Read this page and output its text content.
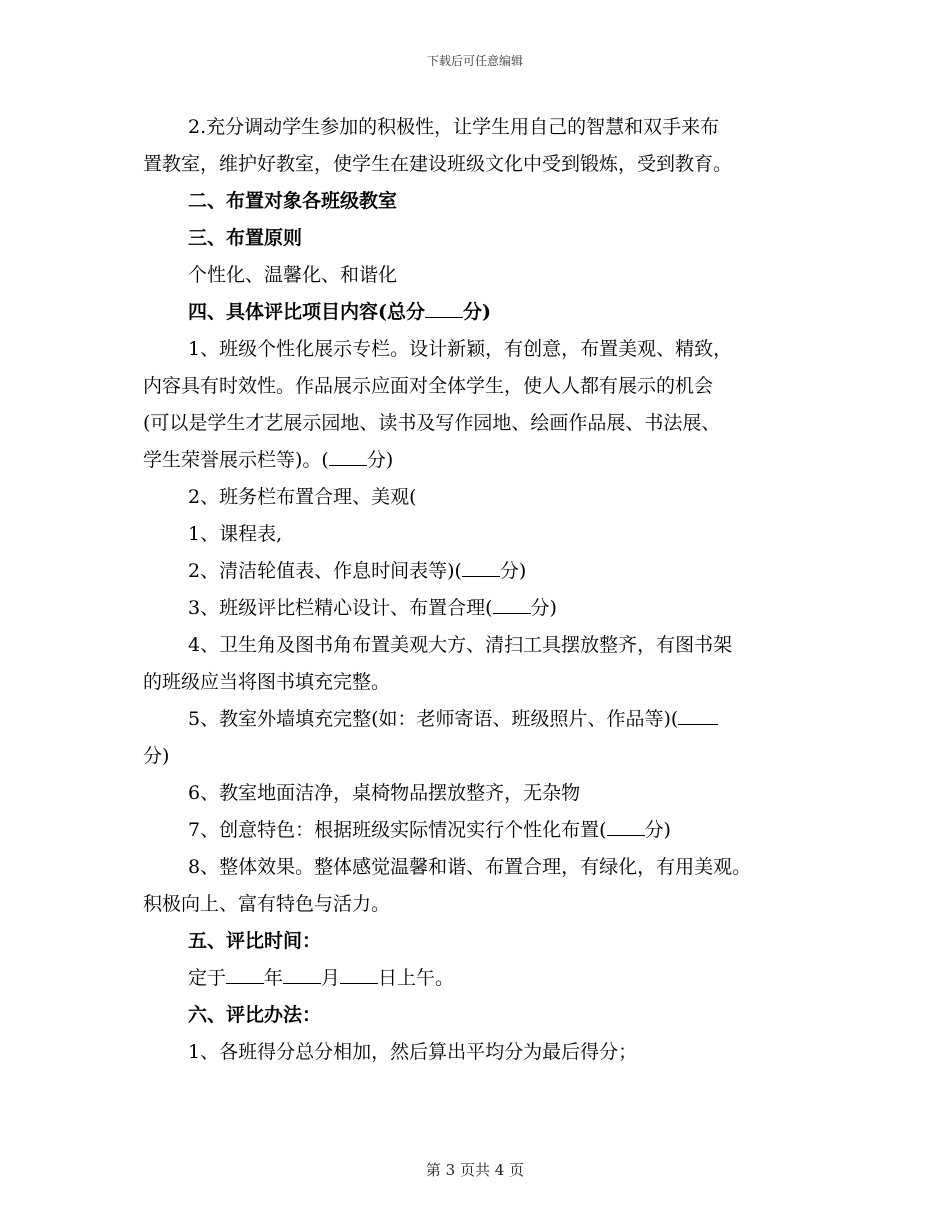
下载后可任意编辑
2.充分调动学生参加的积极性，让学生用自己的智慧和双手来布
置教室，维护好教室，使学生在建设班级文化中受到锻炼，受到教育。
二、布置对象各班级教室
三、布置原则
个性化、温馨化、和谐化
四、具体评比项目内容(总分 分)
1、班级个性化展示专栏。设计新颖，有创意，布置美观、精致，
内容具有时效性。作品展示应面对全体学生，使人人都有展示的机会
(可以是学生才艺展示园地、读书及写作园地、绘画作品展、书法展、
学生荣誉展示栏等)。( 分)
2、班务栏布置合理、美观(
1、课程表,
2、清洁轮值表、作息时间表等)( 分)
3、班级评比栏精心设计、布置合理( 分)
4、卫生角及图书角布置美观大方、清扫工具摆放整齐，有图书架
的班级应当将图书填充完整。
5、教室外墙填充完整(如：老师寄语、班级照片、作品等)(
分)
6、教室地面洁净，桌椅物品摆放整齐，无杂物
7、创意特色：根据班级实际情况实行个性化布置( 分)
8、整体效果。整体感觉温馨和谐、布置合理，有绿化，有用美观。
积极向上、富有特色与活力。
五、评比时间：
定于 年 月 日上午。
六、评比办法：
1、各班得分总分相加，然后算出平均分为最后得分；
第 3 页共 4 页
